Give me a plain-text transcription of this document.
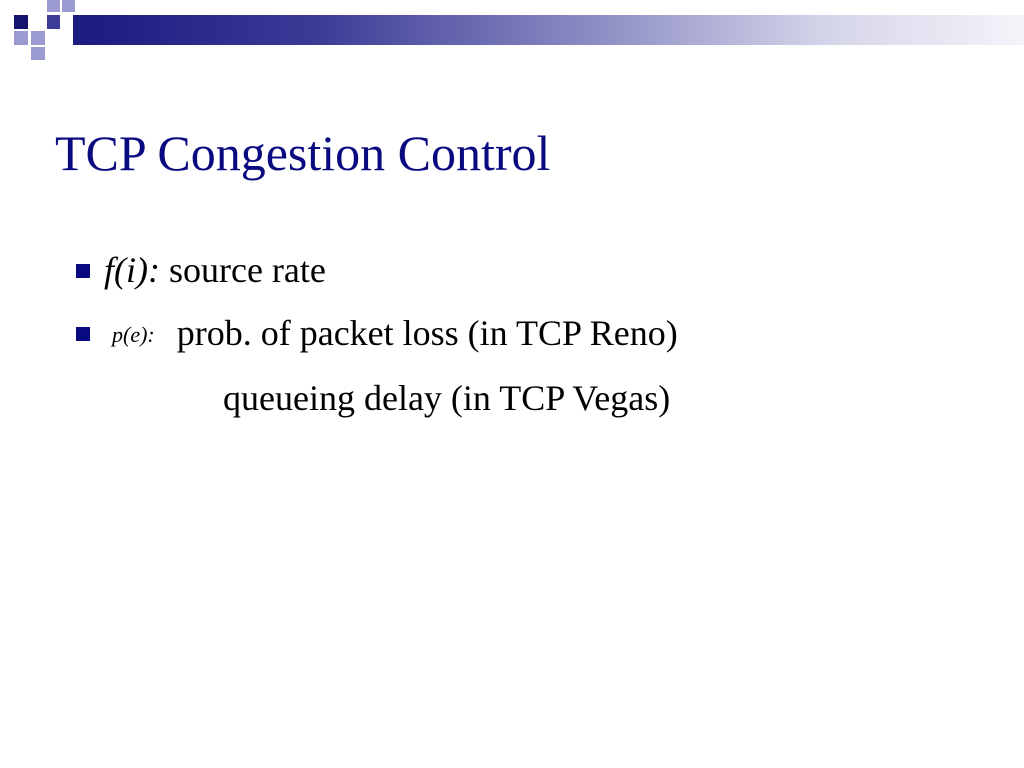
TCP Congestion Control
f(i): source rate
p(e): prob. of packet loss (in TCP Reno)
queueing delay (in TCP Vegas)
